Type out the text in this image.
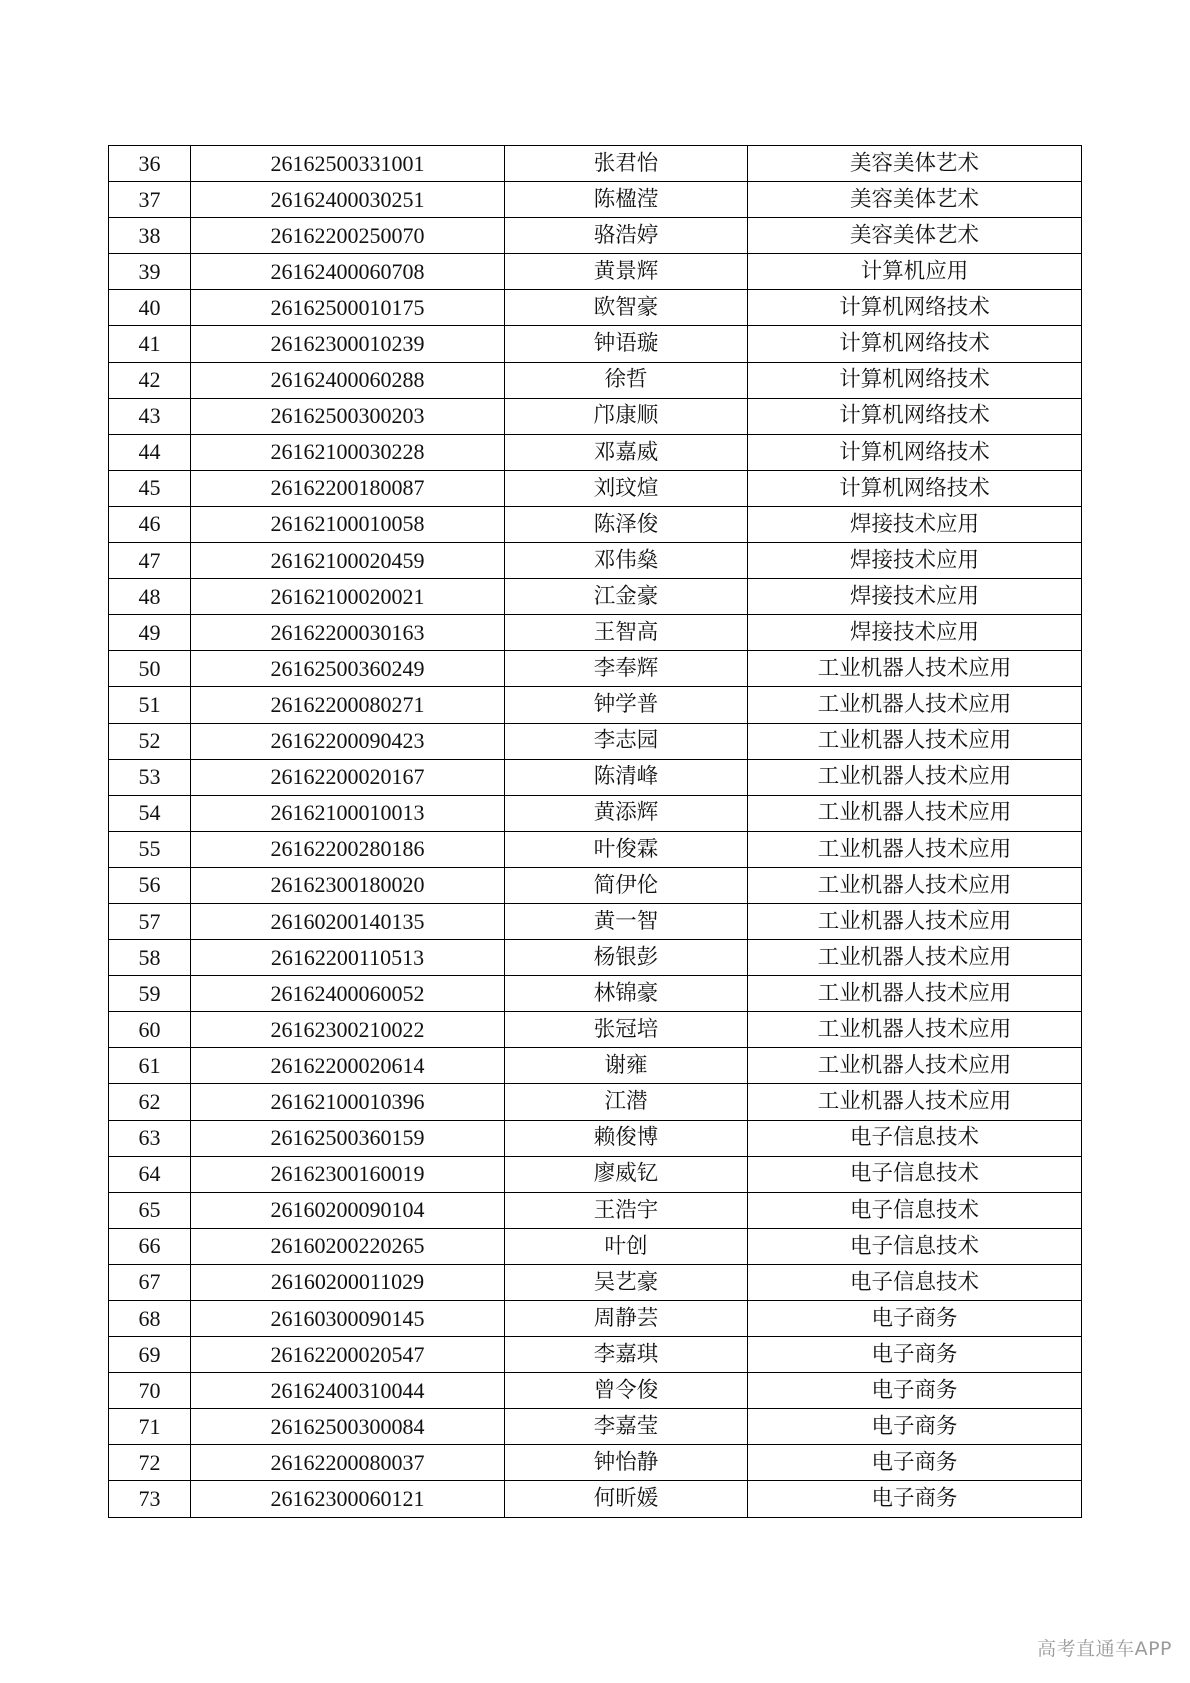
36	26162500331001	张君怡	美容美体艺术
37	26162400030251	陈楹滢	美容美体艺术
38	26162200250070	骆浩婷	美容美体艺术
39	26162400060708	黄景辉	计算机应用
40	26162500010175	欧智豪	计算机网络技术
41	26162300010239	钟语璇	计算机网络技术
42	26162400060288	徐哲	计算机网络技术
43	26162500300203	邝康顺	计算机网络技术
44	26162100030228	邓嘉威	计算机网络技术
45	26162200180087	刘玟煊	计算机网络技术
46	26162100010058	陈泽俊	焊接技术应用
47	26162100020459	邓伟燊	焊接技术应用
48	26162100020021	江金豪	焊接技术应用
49	26162200030163	王智高	焊接技术应用
50	26162500360249	李奉辉	工业机器人技术应用
51	26162200080271	钟学普	工业机器人技术应用
52	26162200090423	李志园	工业机器人技术应用
53	26162200020167	陈清峰	工业机器人技术应用
54	26162100010013	黄添辉	工业机器人技术应用
55	26162200280186	叶俊霖	工业机器人技术应用
56	26162300180020	简伊伦	工业机器人技术应用
57	26160200140135	黄一智	工业机器人技术应用
58	26162200110513	杨银彭	工业机器人技术应用
59	26162400060052	林锦豪	工业机器人技术应用
60	26162300210022	张冠培	工业机器人技术应用
61	26162200020614	谢雍	工业机器人技术应用
62	26162100010396	江潜	工业机器人技术应用
63	26162500360159	赖俊博	电子信息技术
64	26162300160019	廖威钇	电子信息技术
65	26160200090104	王浩宇	电子信息技术
66	26160200220265	叶创	电子信息技术
67	26160200011029	吴艺豪	电子信息技术
68	26160300090145	周静芸	电子商务
69	26162200020547	李嘉琪	电子商务
70	26162400310044	曾令俊	电子商务
71	26162500300084	李嘉莹	电子商务
72	26162200080037	钟怡静	电子商务
73	26162300060121	何昕媛	电子商务
高考直通车APP
